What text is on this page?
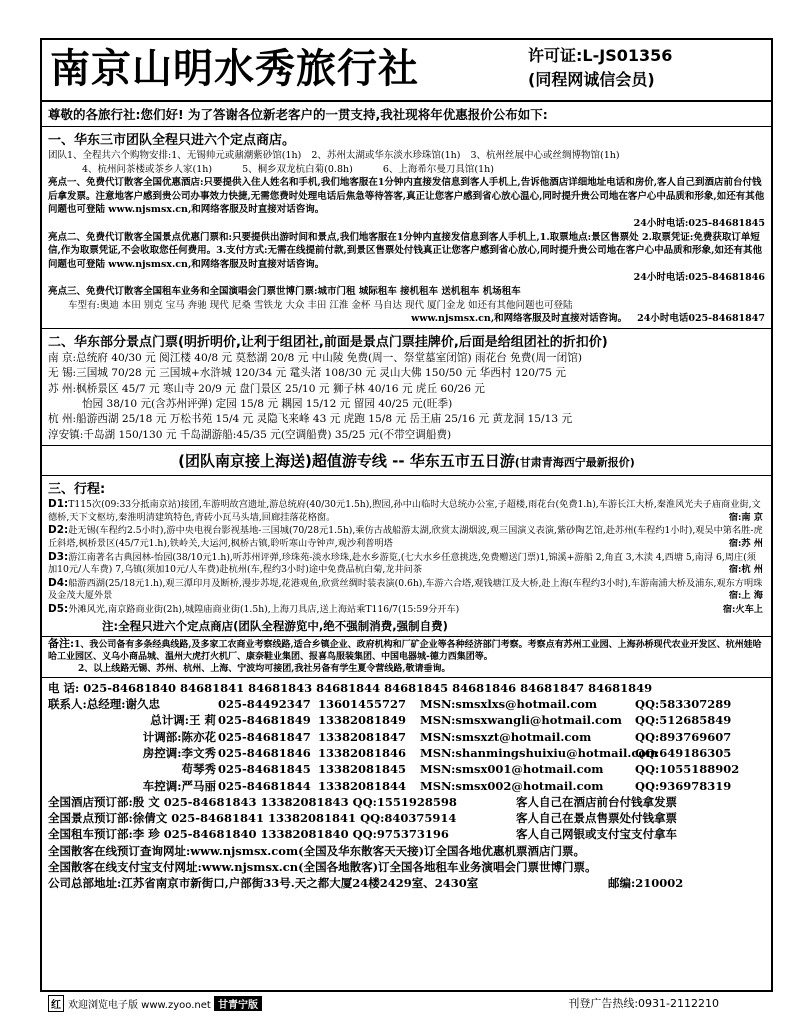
南京山明水秀旅行社	许可证:L-JS01356
(同程网诚信会员)
尊敬的各旅行社:您们好! 为了答谢各位新老客户的一贯支持,我社现将年优惠报价公布如下:
一、华东三市团队全程只进六个定点商店。
团队1、全程共六个购物安排:1、无锡帅元或鼐潮紫砂馆(1h) 2、苏州太湖或华东淡水珍珠馆(1h) 3、杭州丝展中心或丝绸博物馆(1h)
4、杭州问茶楼或茶乡人家(1h)	5、桐乡双龙杭白菊(0.8h)	6、上海希尔曼刀具馆(1h)
亮点一、免费代订散客全国优惠酒店:只要提供入住人姓名和手机,我们地客服在1分钟内直接发信息到客人手机上,告诉他酒店详细地址电话和房价,客人自己到酒店前台付钱后拿发票。注意地客户感到贵公司办事效力快捷,无需您费时处理电话后焦急等待答客,真正让您客户感到省心放心温心,同时提升贵公司地在客户心中品质和形象,如还有其他问题也可登陆 www.njsmsx.cn,和网络客服及时直接对话咨询。
24小时电话:025-84681845
亮点二、免费代订散客全国景点优惠门票和:只要提供出游时间和景点,我们地客服在1分钟内直接发信息到客人手机上,1.取票地点:景区售票处 2.取票凭证:免费获取订单短信,作为取票凭证,不会收取您任何费用。3.支付方式:无需在线提前付款,到景区售票处付钱真正让您客户感到省心放心,同时提升贵公司地在客户心中品质和形象,如还有其他问题也可登陆 www.njsmsx.cn,和网络客服及时直接对话咨询。
24小时电话:025-84681846
亮点三、免费代订散客全国租车业务和全国演唱会门票世博门票:城市门租 城际租车 接机租车 送机租车 机场租车
车型有:奥迪 本田 别克 宝马 奔驰 现代 尼桑 雪铁龙 大众 丰田 江淮 金杯 马自达 现代 厦门金龙 如还有其他问题也可登陆
www.njsmsx.cn,和网络客服及时直接对话咨询。 24小时电话025-84681847
二、华东部分景点门票(明折明价,让利于组团社,前面是景点门票挂牌价,后面是给组团社的折扣价)
南 京:总统府 40/30 元 阅江楼 40/8 元 莫愁湖 20/8 元 中山陵 免费(周一、祭堂墓室闭馆) 雨花台 免费(周一闭馆)
无 锡:三国城 70/28 元 三国城+水浒城 120/34 元 鼋头渚 108/30 元 灵山大佛 150/50 元 华西村 120/75 元
苏 州:枫桥景区 45/7 元 寒山寺 20/9 元 盘门景区 25/10 元 狮子林 40/16 元 虎丘 60/26 元
怡园 38/10 元(含苏州评弹) 定园 15/8 元 耦园 15/12 元 留园 40/25 元(旺季)
杭 州:船游西湖 25/18 元 万松书苑 15/4 元 灵隐飞来峰 43 元 虎跑 15/8 元 岳王庙 25/16 元 黄龙洞 15/13 元
淳安镇:千岛湖 150/130 元 千岛湖游船:45/35 元(空调船费) 35/25 元(不带空调船费)
(团队南京接上海送)超值游专线 -- 华东五市五日游(甘肃青海西宁最新报价)
三、行程:
D1:T115次(09:33分抵南京站)接团,车游明故宫遗址,游总统府(40/30元1.5h),煦园,孙中山临时大总统办公室,子超楼,雨花台(免费1.h),车游长江大桥,秦淮风光夫子庙商业街,文德桥,天下文枢坊,秦淮明清建筑特色,青砖小瓦马头墙,回廊挂落花格窗。	宿:南 京
D2:赴无锡(车程约2.5小时),游中央电视台影视基地-三国城(70/28元1.5h),乘仿古战船游太湖,欣赏太湖烟波,观三国演义表演,紫砂陶艺馆,赴苏州(车程约1小时),观吴中第名胜-虎丘斜塔,枫桥景区(45/7元1.h),铁岭关,大运河,枫桥古镇,聆听寒山寺钟声,观沙利普明塔	宿:苏 州
D3:游江南著名古典园林-怡园(38/10元1.h),听苏州评弹,珍珠苑-淡水珍珠,赴水乡游览,(七大水乡任意挑选,免费赠送门票)1,锦溪+游船 2,角直 3,木渎 4,西塘 5,南浔 6,周庄(须加10元/人车费) 7,乌镇(须加10元/人车费)赴杭州(车,程约3小时)途中免费品杭白菊,龙井问茶	宿:杭 州
D4:船游西湖(25/18元1.h),观三潭印月及断桥,漫步苏堤,花港观鱼,欣赏丝绸时装表演(0.6h),车游六合塔,观钱塘江及大桥,赴上海(车程约3小时),车游南浦大桥及浦东,观东方明珠及金茂大厦外景	宿:上 海
D5:外滩风光,南京路商业街(2h),城隍庙商业街(1.5h),上海刀具店,送上海站乘T116/7(15:59分开车)	宿:火车上
注:全程只进六个定点商店(团队全程游览中,绝不强制消费,强制自费)
备注:1、我公司备有多条经典线路,及多家工农商业考察线路,适合乡镇企业、政府机构和厂矿企业等各种经济部门考察。考察点有苏州工业园、上海孙桥现代农业开发区、杭州娃哈哈工业园区、义乌小商品城、温州大虎打火机厂、康奈鞋业集团、报喜鸟服装集团、中国电器城-德力西集团等。
2、以上线路无锡、苏州、杭州、上海、宁波均可接团,我社另备有学生夏令营线路,敬请垂询。
电 话: 025-84681840 84681841 84681843 84681844 84681845 84681846 84681847 84681849
联系人:总经理:谢久忠	025-84492347 13601455727 MSN:smsxlxs@hotmail.com	QQ:583307289
总计调:王 莉 025-84681849 13382081849 MSN:smsxwangli@hotmail.com QQ:512685849
计调部:陈亦花 025-84681847 13382081847 MSN:smsxzt@hotmail.com	QQ:893769607
房控调:李文秀 025-84681846 13382081846 MSN:shanmingshuixiu@hotmail.comQQ:649186305
苟琴秀 025-84681845 13382081845 MSN:smsx001@hotmail.com	QQ:1055188902
车控调:严马丽 025-84681844 13382081844 MSN:smsx002@hotmail.com	QQ:936978319
全国酒店预订部:殷 文 025-84681843 13382081843 QQ:1551928598	客人自己在酒店前台付钱拿发票
全国景点预订部:徐倩文 025-84681841 13382081841 QQ:840375914	客人自己在景点售票处付钱拿票
全国租车预订部:李 珍 025-84681840 13382081840 QQ:975373196	客人自己网银或支付宝支付拿车
全国散客在线预订查询网址:www.njsmsx.com(全国及华东散客天天接)订全国各地优惠机票酒店门票。
全国散客在线支付宝支付网址:www.njsmsx.cn(全国各地散客)订全国各地租车业务演唱会门票世博门票。
公司总部地址:江苏省南京市新街口,户部街33号.天之都大厦24楼2429室、2430室	邮编:210002
红 欢迎浏览电子版 www.zyoo.net 甘青宁版	刊登广告热线:0931-2112210
